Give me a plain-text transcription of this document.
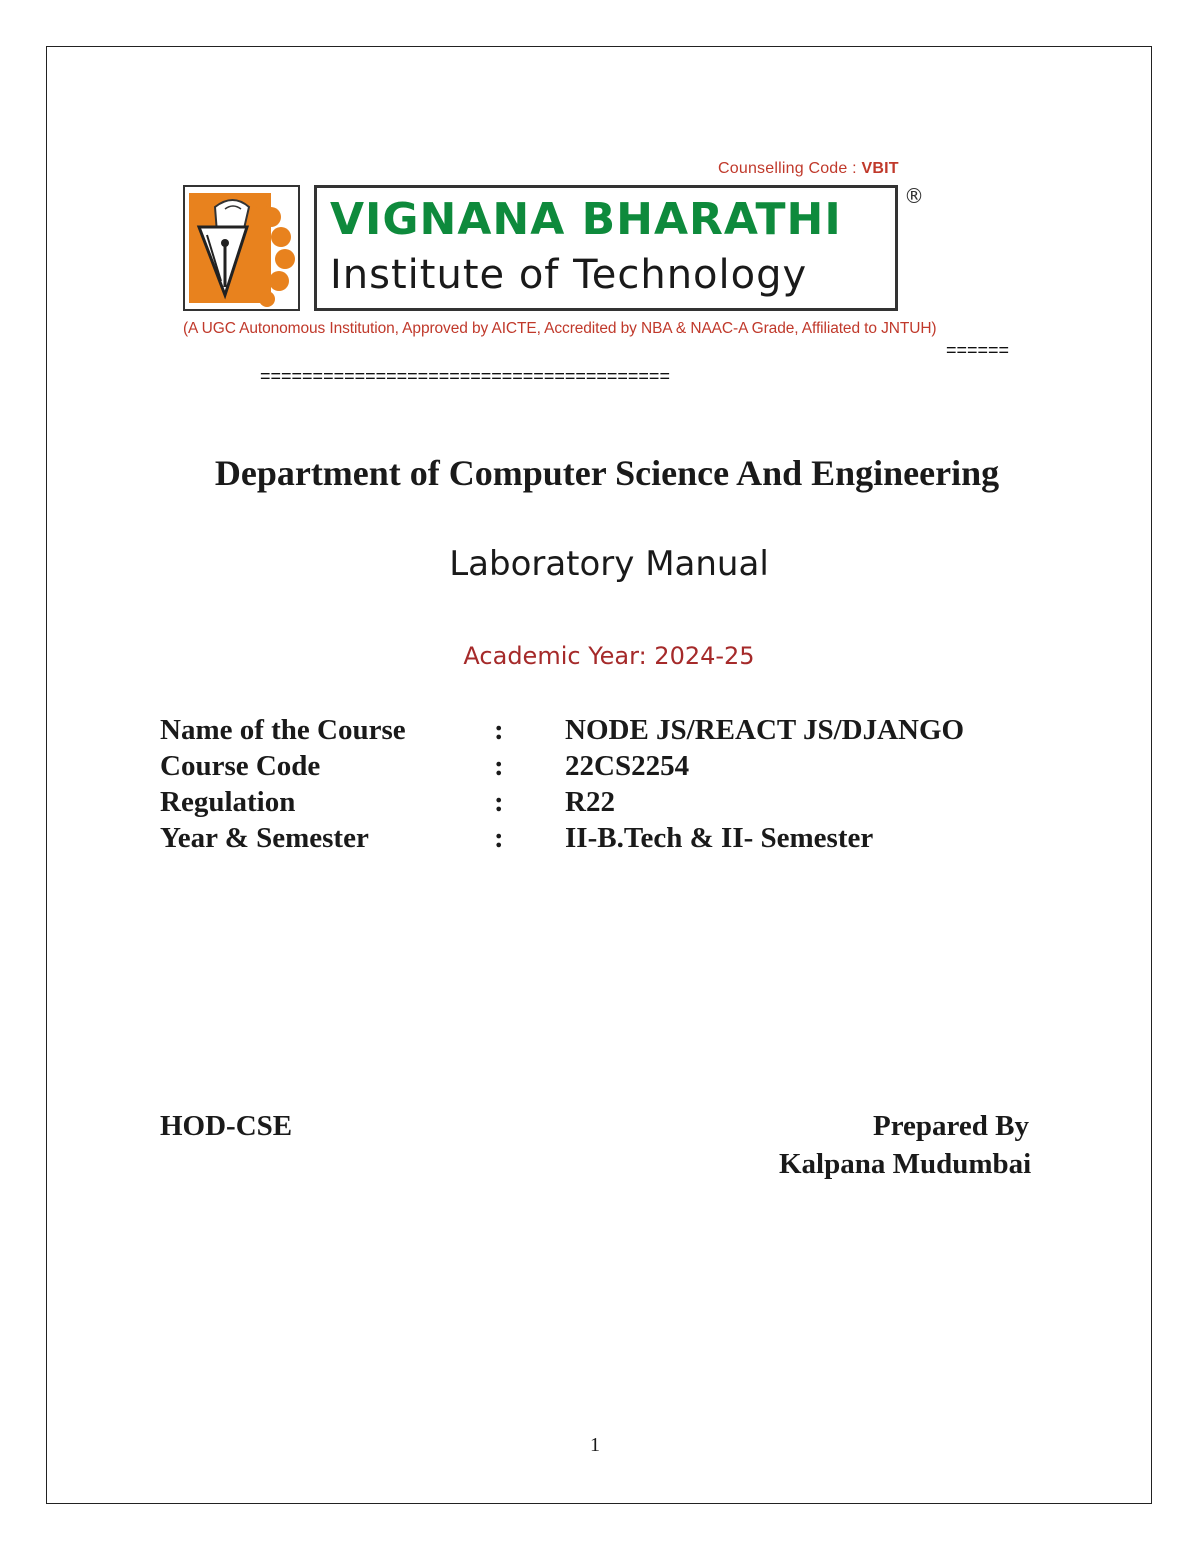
Counselling Code : VBIT
VIGNANA BHARATHI
Institute of Technology
®
(A UGC Autonomous Institution, Approved by AICTE, Accredited by NBA & NAAC-A Grade, Affiliated to JNTUH)
======
=======================================
Department of Computer Science And Engineering
Laboratory Manual
Academic Year: 2024-25
Name of the Course	: NODE JS/REACT JS/DJANGO
Course Code	: 22CS2254
Regulation	: R22
Year & Semester	: II-B.Tech & II- Semester
HOD-CSE	Prepared By
Kalpana Mudumbai
1
